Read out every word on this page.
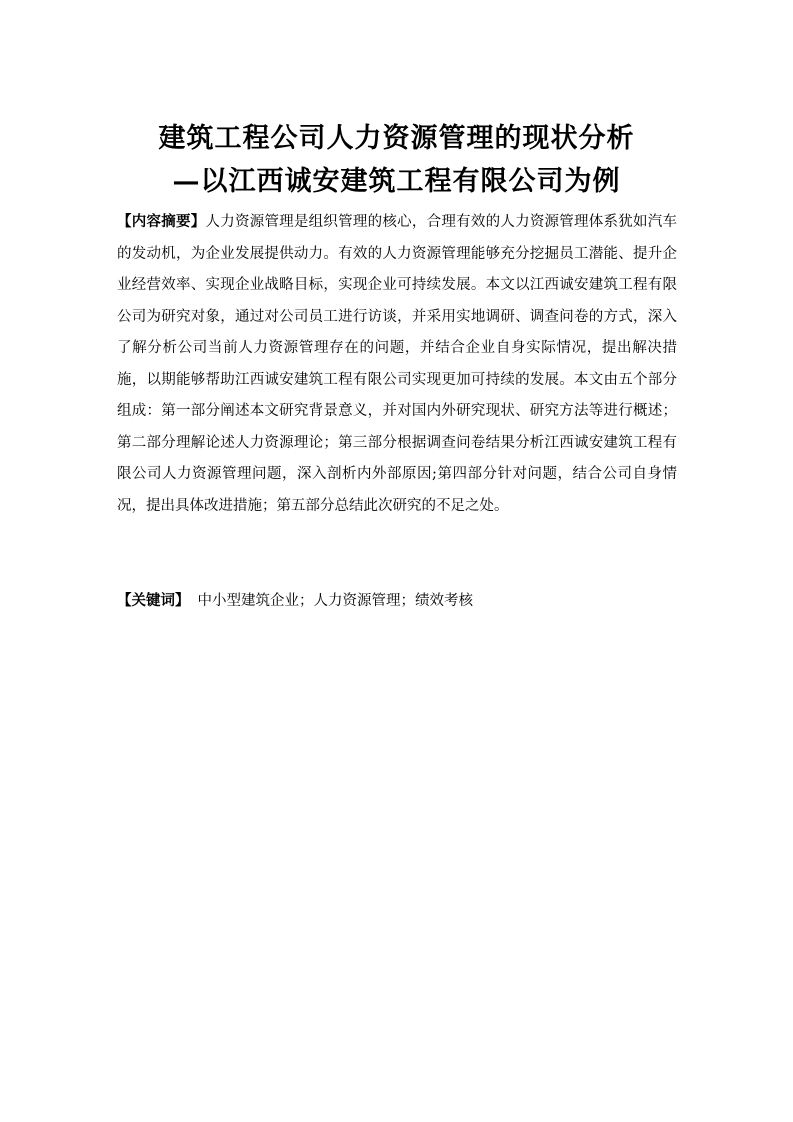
建筑工程公司人力资源管理的现状分析
—以江西诚安建筑工程有限公司为例
【内容摘要】人力资源管理是组织管理的核心，合理有效的人力资源管理体系犹如汽车的发动机，为企业发展提供动力。有效的人力资源管理能够充分挖掘员工潜能、提升企业经营效率、实现企业战略目标，实现企业可持续发展。本文以江西诚安建筑工程有限公司为研究对象，通过对公司员工进行访谈，并采用实地调研、调查问卷的方式，深入了解分析公司当前人力资源管理存在的问题，并结合企业自身实际情况，提出解决措施，以期能够帮助江西诚安建筑工程有限公司实现更加可持续的发展。本文由五个部分组成：第一部分阐述本文研究背景意义，并对国内外研究现状、研究方法等进行概述；第二部分理解论述人力资源理论；第三部分根据调查问卷结果分析江西诚安建筑工程有限公司人力资源管理问题，深入剖析内外部原因;第四部分针对问题，结合公司自身情况，提出具体改进措施；第五部分总结此次研究的不足之处。
【关键词】 中小型建筑企业；人力资源管理；绩效考核
